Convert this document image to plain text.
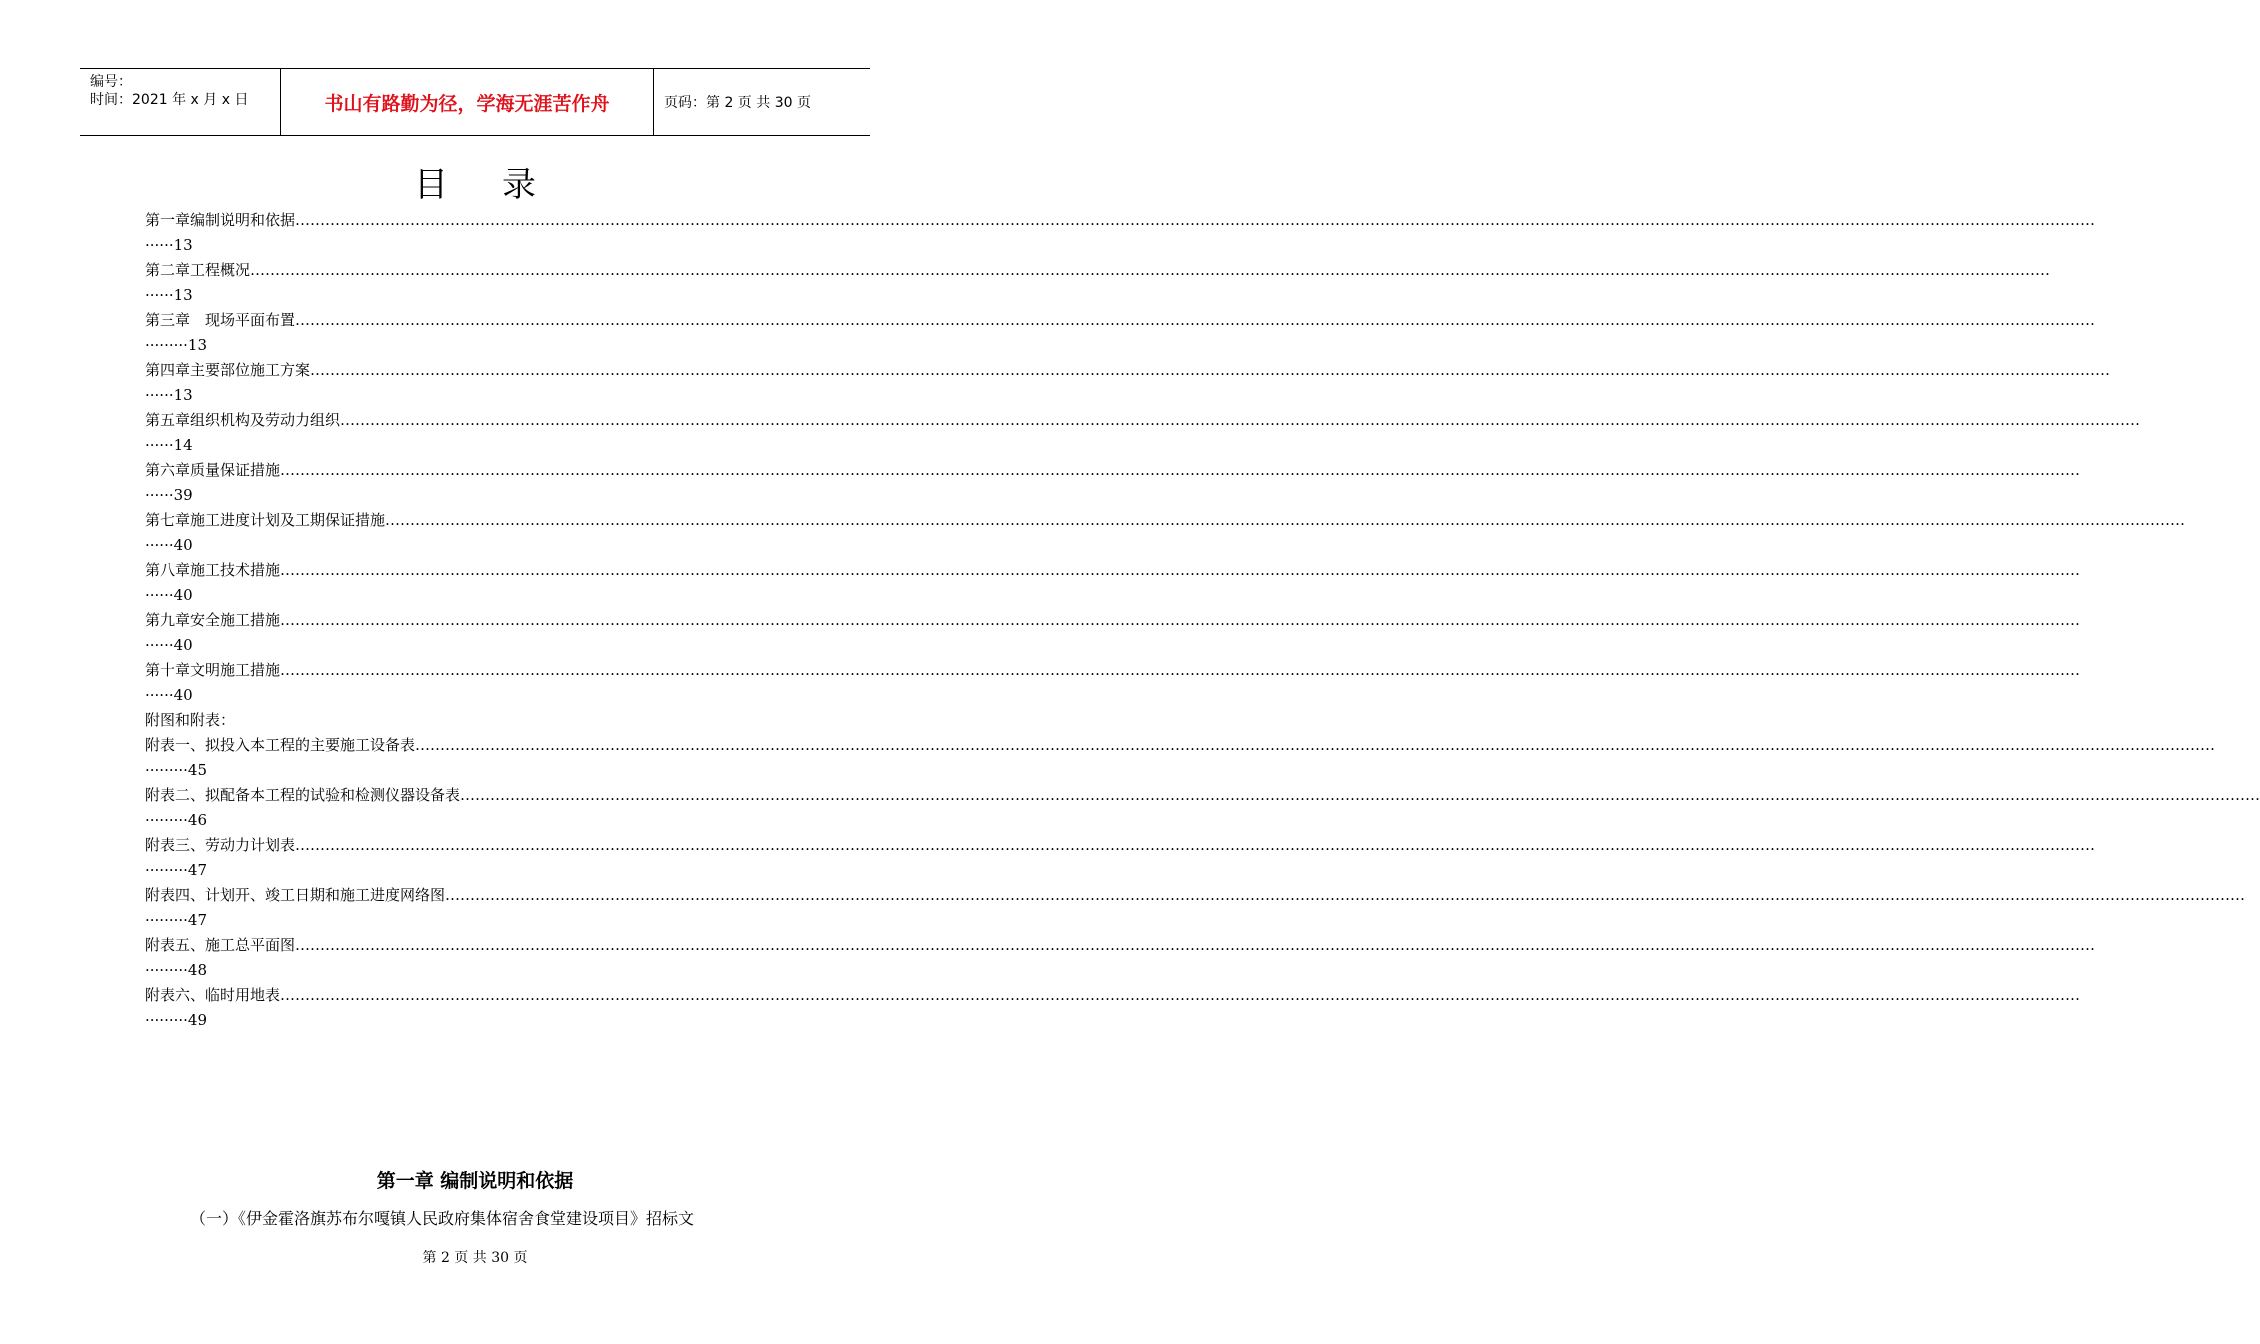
编号：
时间：2021 年 x 月 x 日	书山有路勤为径，学海无涯苦作舟	页码：第 2 页 共 30 页
目录
第一章编制说明和依据………………………………………………………………………………………………………………………………………………………………………………………………………………………………………………………………………………………………………………………………
······13
第二章工程概况………………………………………………………………………………………………………………………………………………………………………………………………………………………………………………………………………………………………………………………………
······13
第三章　现场平面布置………………………………………………………………………………………………………………………………………………………………………………………………………………………………………………………………………………………………………………………………
·········13
第四章主要部位施工方案………………………………………………………………………………………………………………………………………………………………………………………………………………………………………………………………………………………………………………………………
······13
第五章组织机构及劳动力组织………………………………………………………………………………………………………………………………………………………………………………………………………………………………………………………………………………………………………………………………
······14
第六章质量保证措施………………………………………………………………………………………………………………………………………………………………………………………………………………………………………………………………………………………………………………………………
······39
第七章施工进度计划及工期保证措施………………………………………………………………………………………………………………………………………………………………………………………………………………………………………………………………………………………………………………………………
······40
第八章施工技术措施………………………………………………………………………………………………………………………………………………………………………………………………………………………………………………………………………………………………………………………………
······40
第九章安全施工措施………………………………………………………………………………………………………………………………………………………………………………………………………………………………………………………………………………………………………………………………
······40
第十章文明施工措施………………………………………………………………………………………………………………………………………………………………………………………………………………………………………………………………………………………………………………………………
······40
附图和附表：
附表一、拟投入本工程的主要施工设备表………………………………………………………………………………………………………………………………………………………………………………………………………………………………………………………………………………………………………………………………
·········45
附表二、拟配备本工程的试验和检测仪器设备表………………………………………………………………………………………………………………………………………………………………………………………………………………………………………………………………………………………………………………………………
·········46
附表三、劳动力计划表………………………………………………………………………………………………………………………………………………………………………………………………………………………………………………………………………………………………………………………………
·········47
附表四、计划开、竣工日期和施工进度网络图………………………………………………………………………………………………………………………………………………………………………………………………………………………………………………………………………………………………………………………………
·········47
附表五、施工总平面图………………………………………………………………………………………………………………………………………………………………………………………………………………………………………………………………………………………………………………………………
·········48
附表六、临时用地表………………………………………………………………………………………………………………………………………………………………………………………………………………………………………………………………………………………………………………………………
·········49
第一章 编制说明和依据
（一）《伊金霍洛旗苏布尔嘎镇人民政府集体宿舍食堂建设项目》招标文
第 2 页 共 30 页
